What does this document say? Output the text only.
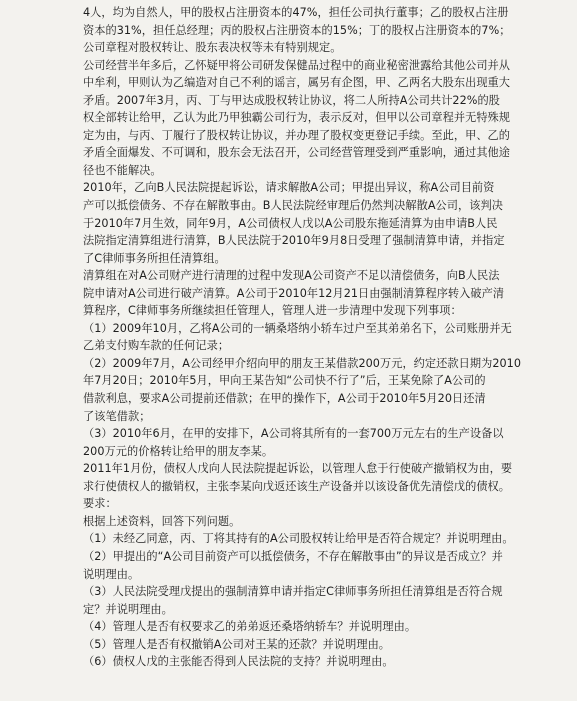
4人，均为自然人，甲的股权占注册资本的47%，担任公司执行董事；乙的股权占注册

资本的31%，担任总经理；丙的股权占注册资本的15%；丁的股权占注册资本的7%；

公司章程对股权转让、股东表决权等未有特别规定。

公司经营半年多后，乙怀疑甲将公司研发保健品过程中的商业秘密泄露给其他公司并从

中牟利，甲则认为乙编造对自己不利的谣言，属另有企图，甲、乙两名大股东出现重大

矛盾。2007年3月，丙、丁与甲达成股权转让协议，将二人所持A公司共计22%的股

权全部转让给甲，乙认为此乃甲独霸公司行为，表示反对，但甲以公司章程并无特殊规

定为由，与丙、丁履行了股权转让协议，并办理了股权变更登记手续。至此，甲、乙的

矛盾全面爆发、不可调和，股东会无法召开，公司经营管理受到严重影响，通过其他途

径也不能解决。

2010年，乙向B人民法院提起诉讼，请求解散A公司；甲提出异议，称A公司目前资

产可以抵偿债务、不存在解散事由。B人民法院经审理后仍然判决解散A公司，该判决

于2010年7月生效，同年9月，A公司债权人戊以A公司股东拖延清算为由申请B人民

法院指定清算组进行清算，B人民法院于2010年9月8日受理了强制清算申请，并指定

了C律师事务所担任清算组。

清算组在对A公司财产进行清理的过程中发现A公司资产不足以清偿债务，向B人民法

院申请对A公司进行破产清算。A公司于2010年12月21日由强制清算程序转入破产清

算程序，C律师事务所继续担任管理人，管理人进一步清理中发现下列事项：

（1）2009年10月，乙将A公司的一辆桑塔纳小轿车过户至其弟弟名下，公司账册并无

乙弟支付购车款的任何记录；

（2）2009年7月，A公司经甲介绍向甲的朋友王某借款200万元，约定还款日期为2010

年7月20日；2010年5月，甲向王某告知“公司快不行了”后，王某免除了A公司的

借款利息，要求A公司提前还借款；在甲的操作下，A公司于2010年5月20日还清

了该笔借款；

（3）2010年6月，在甲的安排下，A公司将其所有的一套700万元左右的生产设备以

200万元的价格转让给甲的朋友李某。

2011年1月份，债权人戊向人民法院提起诉讼，以管理人怠于行使破产撤销权为由，要

求行使债权人的撤销权，主张李某向戊返还该生产设备并以该设备优先清偿戊的债权。

要求：

根据上述资料，回答下列问题。

（1）未经乙同意，丙、丁将其持有的A公司股权转让给甲是否符合规定？并说明理由。

（2）甲提出的“A公司目前资产可以抵偿债务，不存在解散事由”的异议是否成立？并

说明理由。

（3）人民法院受理戊提出的强制清算申请并指定C律师事务所担任清算组是否符合规

定？并说明理由。

（4）管理人是否有权要求乙的弟弟返还桑塔纳轿车？并说明理由。

（5）管理人是否有权撤销A公司对王某的还款？并说明理由。

（6）债权人戊的主张能否得到人民法院的支持？并说明理由。
